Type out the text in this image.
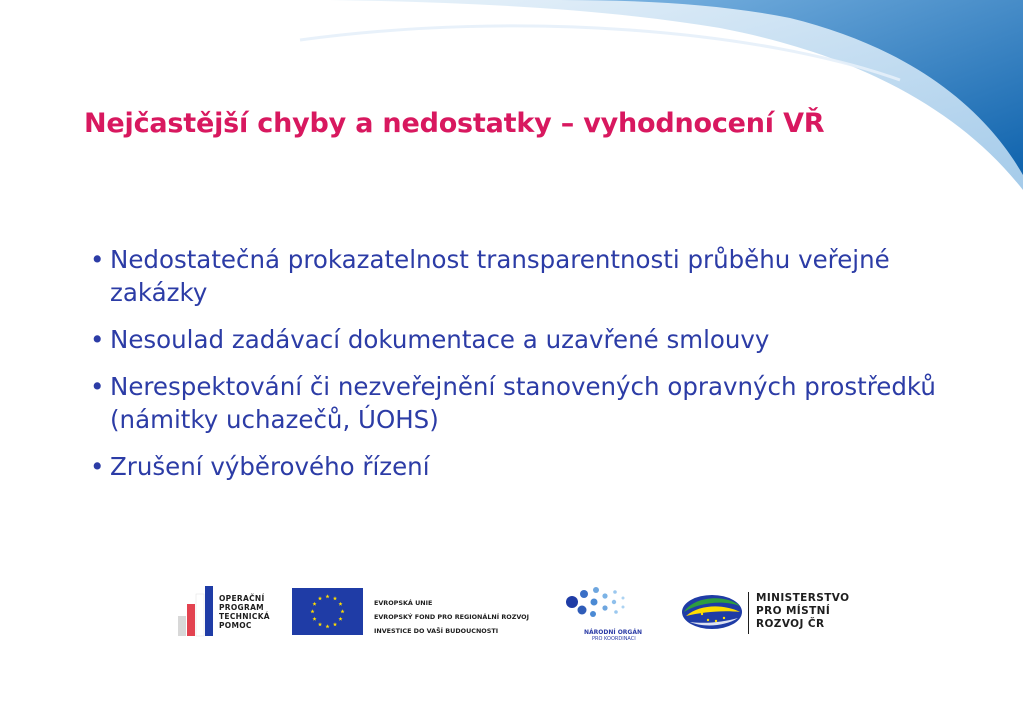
Nejčastější chyby a nedostatky – vyhodnocení VŘ
• Nedostatečná prokazatelnost transparentnosti průběhu veřejné zakázky
• Nesoulad zadávací dokumentace a uzavřené smlouvy
• Nerespektování či nezveřejnění stanovených opravných prostředků (námitky uchazečů, ÚOHS)
• Zrušení výběrového řízení
OPERAČNÍ
PROGRAM
TECHNICKÁ
POMOC
EVROPSKÁ UNIE
EVROPSKÝ FOND PRO REGIONÁLNÍ ROZVOJ
INVESTICE DO VAŠÍ BUDOUCNOSTI	NÁRODNÍ ORGÁN
PRO KOORDINACI
MINISTERSTVO
PRO MÍSTNÍ
ROZVOJ ČR
